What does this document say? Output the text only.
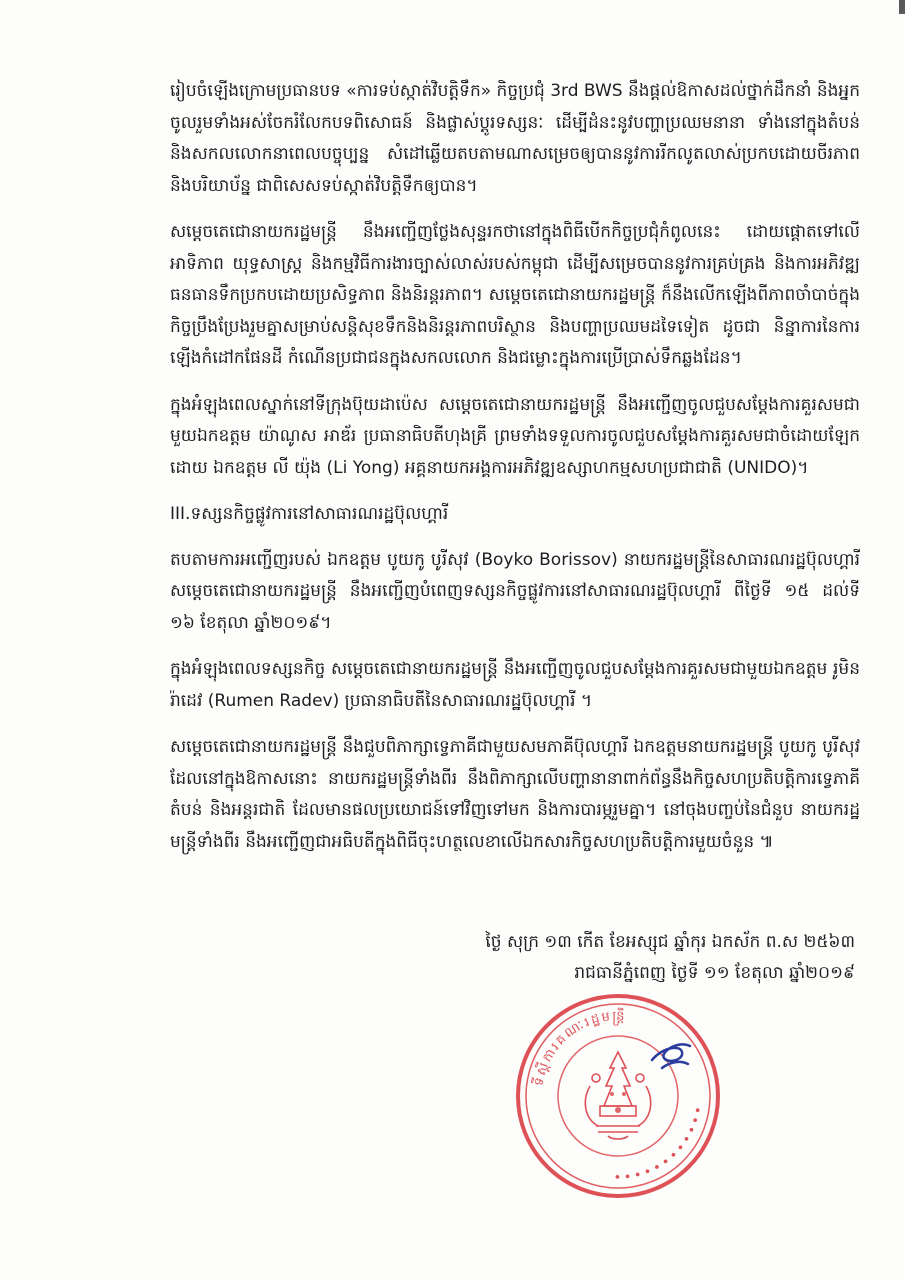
រៀបចំឡើងក្រោមប្រធានបទ «ការទប់ស្កាត់វិបត្តិទឹក» កិច្ចប្រជុំ 3rd BWS នឹងផ្តល់ឱកាសដល់ថ្នាក់ដឹកនាំ និងអ្នកចូលរួមទាំងអស់ចែករំលែកបទពិសោធន៍ និងផ្លាស់ប្ដូរទស្សនៈ ដើម្បីដំនះនូវបញ្ហាប្រឈមនានា ទាំងនៅក្នុងតំបន់ និងសកលលោកនាពេលបច្ចុប្បន្ន សំដៅឆ្លើយតបតាមណាសម្រេចឲ្យបាននូវការរីកលូតលាស់ប្រកបដោយចីរភាព និងបរិយាប័ន្ន ជាពិសេសទប់ស្កាត់វិបត្តិទឹកឲ្យបាន។

សម្តេចតេជោនាយករដ្ឋមន្ត្រី នឹងអញ្ជើញថ្លែងសុន្ទរកថានៅក្នុងពិធីបើកកិច្ចប្រជុំកំពូលនេះ ដោយផ្តោតទៅលើអាទិភាព យុទ្ធសាស្ត្រ និងកម្មវិធីការងារច្បាស់លាស់របស់កម្ពុជា ដើម្បីសម្រេចបាននូវការគ្រប់គ្រង និងការអភិវឌ្ឍធនធានទឹកប្រកបដោយប្រសិទ្ធភាព និងនិរន្តរភាព។ សម្តេចតេជោនាយករដ្ឋមន្ត្រី ក៏នឹងលើកឡើងពីភាពចាំបាច់ក្នុងកិច្ចប្រឹងប្រែងរួមគ្នាសម្រាប់សន្តិសុខទឹកនិងនិរន្តរភាពបរិស្ថាន និងបញ្ហាប្រឈមដទៃទៀត ដូចជា និន្នាការនៃការឡើងកំដៅកផែនដី កំណើនប្រជាជនក្នុងសកលលោក និងជម្លោះក្នុងការប្រើប្រាស់ទឹកឆ្លងដែន។

ក្នុងអំឡុងពេលស្នាក់នៅទីក្រុងប៊ុយដាប៉េស សម្តេចតេជោនាយករដ្ឋមន្ត្រី នឹងអញ្ជើញចូលជួបសម្តែងការគួរសមជាមួយឯកឧត្តម យ៉ាណូស អាឌ័រ ប្រធានាធិបតីហុងគ្រី ព្រមទាំងទទួលការចូលជួបសម្តែងការគួរសមជាចំដោយឡែកដោយ ឯកឧត្តម លី យ៉ុង (Li Yong) អគ្គនាយកអង្គការអភិវឌ្ឍឧស្សាហកម្មសហប្រជាជាតិ (UNIDO)។

III.ទស្សនកិច្ចផ្លូវការនៅសាធារណរដ្ឋប៊ុលហ្គារី

តបតាមការអញ្ជើញរបស់ ឯកឧត្តម បូយកូ បូរីសុវ (Boyko Borissov) នាយករដ្ឋមន្ត្រីនៃសាធារណរដ្ឋប៊ុលហ្គារី សម្តេចតេជោនាយករដ្ឋមន្ត្រី នឹងអញ្ជើញបំពេញទស្សនកិច្ចផ្លូវការនៅសាធារណរដ្ឋប៊ុលហ្គារី ពីថ្ងៃទី ១៥ ដល់ទី ១៦ ខែតុលា ឆ្នាំ២០១៩។

ក្នុងអំឡុងពេលទស្សនកិច្ច សម្តេចតេជោនាយករដ្ឋមន្ត្រី នឹងអញ្ជើញចូលជួបសម្តែងការគួរសមជាមួយឯកឧត្តម រូមិន រ៉ាដេវ (Rumen Radev) ប្រធានាធិបតីនៃសាធារណរដ្ឋប៊ុលហ្គារី ។

សម្តេចតេជោនាយករដ្ឋមន្ត្រី នឹងជួបពិភាក្សាទ្វេភាគីជាមួយសមភាគីប៊ុលហ្គារី ឯកឧត្តមនាយករដ្ឋមន្ត្រី បូយកូ បូរីសុវ ដែលនៅក្នុងឱកាសនោះ នាយករដ្ឋមន្ត្រីទាំងពីរ នឹងពិភាក្សាលើបញ្ហានានាពាក់ព័ន្ធនឹងកិច្ចសហប្រតិបត្តិការទ្វេភាគី តំបន់ និងអន្តរជាតិ ដែលមានផលប្រយោជន៍ទៅវិញទៅមក និងការបារម្ភរួមគ្នា។ នៅចុងបញ្ចប់នៃជំនួប នាយករដ្ឋមន្ត្រីទាំងពីរ នឹងអញ្ជើញជាអធិបតីក្នុងពិធីចុះហត្ថលេខាលើឯកសារកិច្ចសហប្រតិបត្តិការមួយចំនួន ៕

ថ្ងៃ សុក្រ ១៣ កើត ខែអស្សុជ ឆ្នាំកុរ ឯកស័ក ព.ស ២៥៦៣
រាជធានីភ្នំពេញ ថ្ងៃទី ១១ ខែតុលា ឆ្នាំ២០១៩
ទីស្តីការគណៈរដ្ឋមន្ត្រី
••••••••••••
